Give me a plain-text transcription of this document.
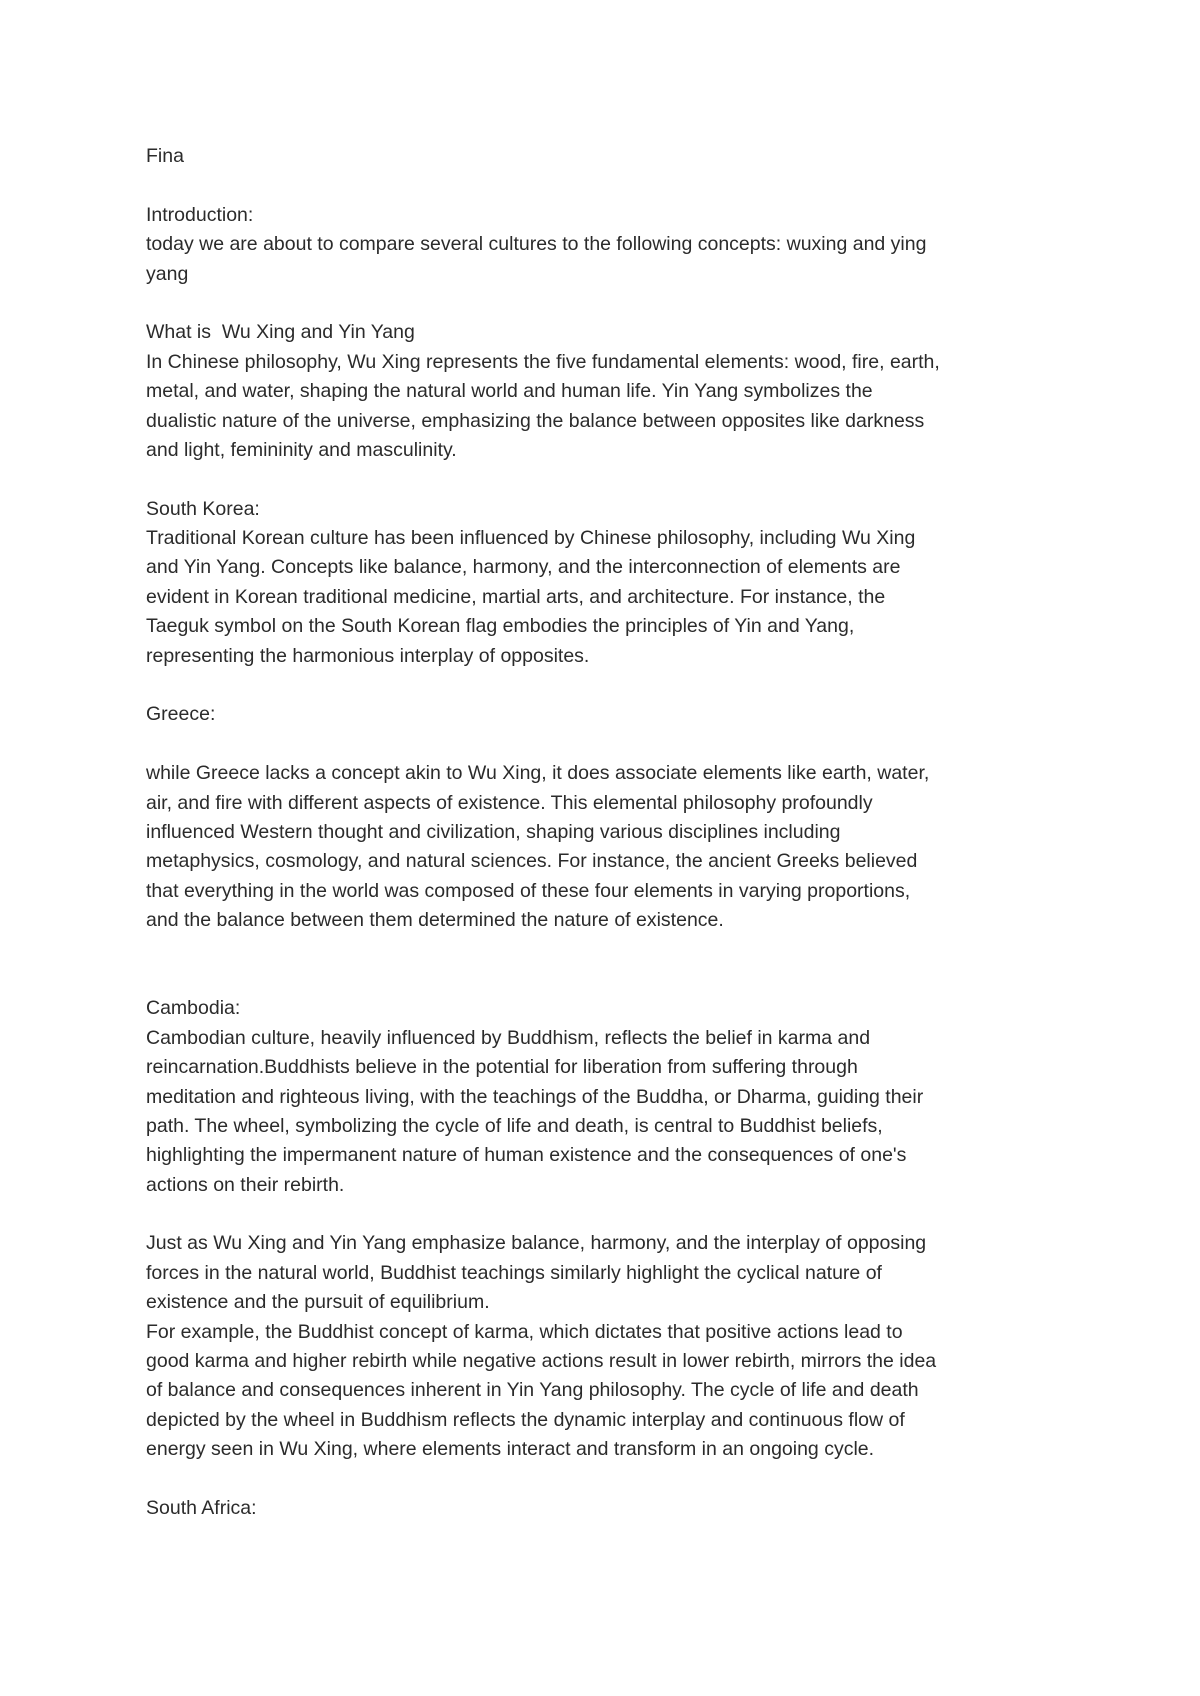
Fina
Introduction:
today we are about to compare several cultures to the following concepts: wuxing and ying
yang
What is  Wu Xing and Yin Yang
In Chinese philosophy, Wu Xing represents the five fundamental elements: wood, fire, earth,
metal, and water, shaping the natural world and human life. Yin Yang symbolizes the
dualistic nature of the universe, emphasizing the balance between opposites like darkness
and light, femininity and masculinity.
South Korea:
Traditional Korean culture has been influenced by Chinese philosophy, including Wu Xing
and Yin Yang. Concepts like balance, harmony, and the interconnection of elements are
evident in Korean traditional medicine, martial arts, and architecture. For instance, the
Taeguk symbol on the South Korean flag embodies the principles of Yin and Yang,
representing the harmonious interplay of opposites.
Greece:
while Greece lacks a concept akin to Wu Xing, it does associate elements like earth, water,
air, and fire with different aspects of existence. This elemental philosophy profoundly
influenced Western thought and civilization, shaping various disciplines including
metaphysics, cosmology, and natural sciences. For instance, the ancient Greeks believed
that everything in the world was composed of these four elements in varying proportions,
and the balance between them determined the nature of existence.
Cambodia:
Cambodian culture, heavily influenced by Buddhism, reflects the belief in karma and
reincarnation.Buddhists believe in the potential for liberation from suffering through
meditation and righteous living, with the teachings of the Buddha, or Dharma, guiding their
path. The wheel, symbolizing the cycle of life and death, is central to Buddhist beliefs,
highlighting the impermanent nature of human existence and the consequences of one's
actions on their rebirth.
Just as Wu Xing and Yin Yang emphasize balance, harmony, and the interplay of opposing
forces in the natural world, Buddhist teachings similarly highlight the cyclical nature of
existence and the pursuit of equilibrium.
For example, the Buddhist concept of karma, which dictates that positive actions lead to
good karma and higher rebirth while negative actions result in lower rebirth, mirrors the idea
of balance and consequences inherent in Yin Yang philosophy. The cycle of life and death
depicted by the wheel in Buddhism reflects the dynamic interplay and continuous flow of
energy seen in Wu Xing, where elements interact and transform in an ongoing cycle.
South Africa:
